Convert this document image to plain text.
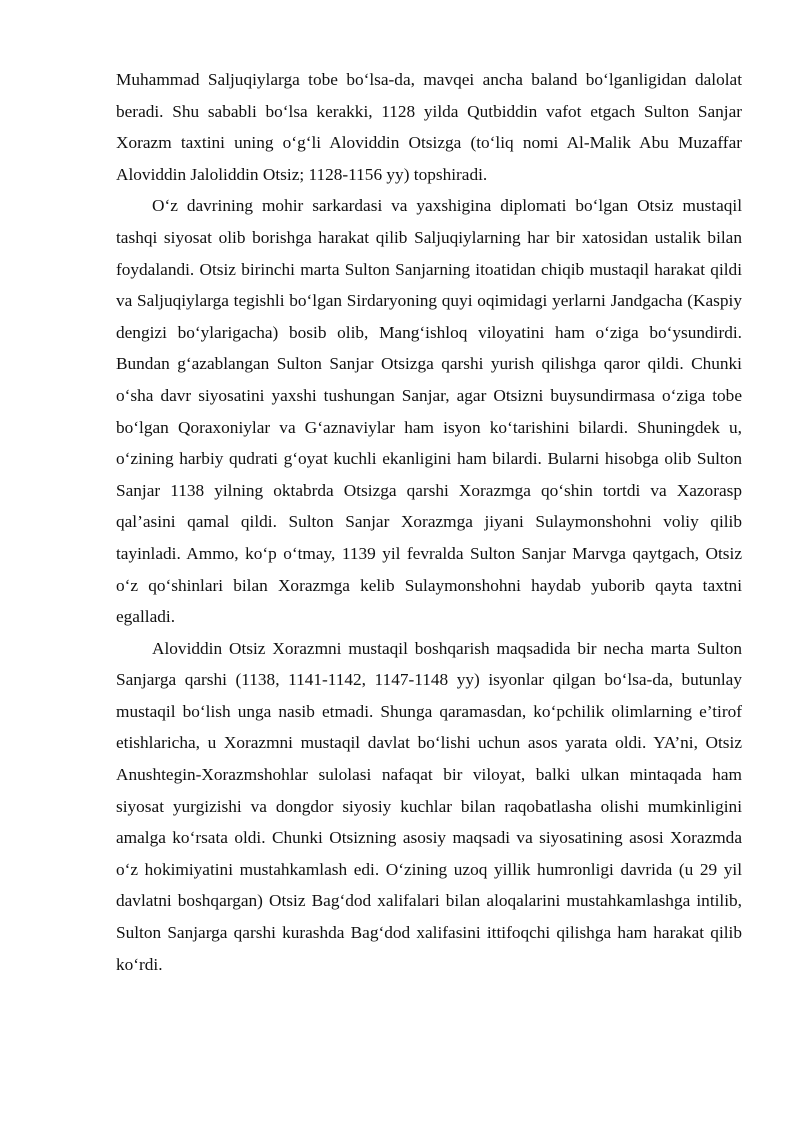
Muhammad Saljuqiylarga tobe bo‘lsa-da, mavqei ancha baland bo‘lganligidan dalolat beradi. Shu sababli bo‘lsa kerakki, 1128 yilda Qutbiddin vafot etgach Sulton Sanjar Xorazm taxtini uning o‘g‘li Aloviddin Otsizga (to‘liq nomi Al-Malik Abu Muzaffar Aloviddin Jaloliddin Otsiz; 1128-1156 yy) topshiradi.

O‘z davrining mohir sarkardasi va yaxshigina diplomati bo‘lgan Otsiz mustaqil tashqi siyosat olib borishga harakat qilib Saljuqiylarning har bir xatosidan ustalik bilan foydalandi. Otsiz birinchi marta Sulton Sanjarning itoatidan chiqib mustaqil harakat qildi va Saljuqiylarga tegishli bo‘lgan Sirdaryoning quyi oqimidagi yerlarni Jandgacha (Kaspiy dengizi bo‘ylarigacha) bosib olib, Mang‘ishloq viloyatini ham o‘ziga bo‘ysundirdi. Bundan g‘azablangan Sulton Sanjar Otsizga qarshi yurish qilishga qaror qildi. Chunki o‘sha davr siyosatini yaxshi tushungan Sanjar, agar Otsizni buysundirmasa o‘ziga tobe bo‘lgan Qoraxoniylar va G‘aznaviylar ham isyon ko‘tarishini bilardi. Shuningdek u, o‘zining harbiy qudrati g‘oyat kuchli ekanligini ham bilardi. Bularni hisobga olib Sulton Sanjar 1138 yilning oktabrda Otsizga qarshi Xorazmga qo‘shin tortdi va Xazorasp qal’asini qamal qildi. Sulton Sanjar Xorazmga jiyani Sulaymonshohni voliy qilib tayinladi. Ammo, ko‘p o‘tmay, 1139 yil fevralda Sulton Sanjar Marvga qaytgach, Otsiz o‘z qo‘shinlari bilan Xorazmga kelib Sulaymonshohni haydab yuborib qayta taxtni egalladi.

Aloviddin Otsiz Xorazmni mustaqil boshqarish maqsadida bir necha marta Sulton Sanjarga qarshi (1138, 1141-1142, 1147-1148 yy) isyonlar qilgan bo‘lsa-da, butunlay mustaqil bo‘lish unga nasib etmadi. Shunga qaramasdan, ko‘pchilik olimlarning e’tirof etishlaricha, u Xorazmni mustaqil davlat bo‘lishi uchun asos yarata oldi. YA’ni, Otsiz Anushtegin-Xorazmshohlar sulolasi nafaqat bir viloyat, balki ulkan mintaqada ham siyosat yurgizishi va dongdor siyosiy kuchlar bilan raqobatlasha olishi mumkinligini amalga ko‘rsata oldi. Chunki Otsizning asosiy maqsadi va siyosatining asosi Xorazmda o‘z hokimiyatini mustahkamlash edi. O‘zining uzoq yillik humronligi davrida (u 29 yil davlatni boshqargan) Otsiz Bag‘dod xalifalari bilan aloqalarini mustahkamlashga intilib, Sulton Sanjarga qarshi kurashda Bag‘dod xalifasini ittifoqchi qilishga ham harakat qilib ko‘rdi.
